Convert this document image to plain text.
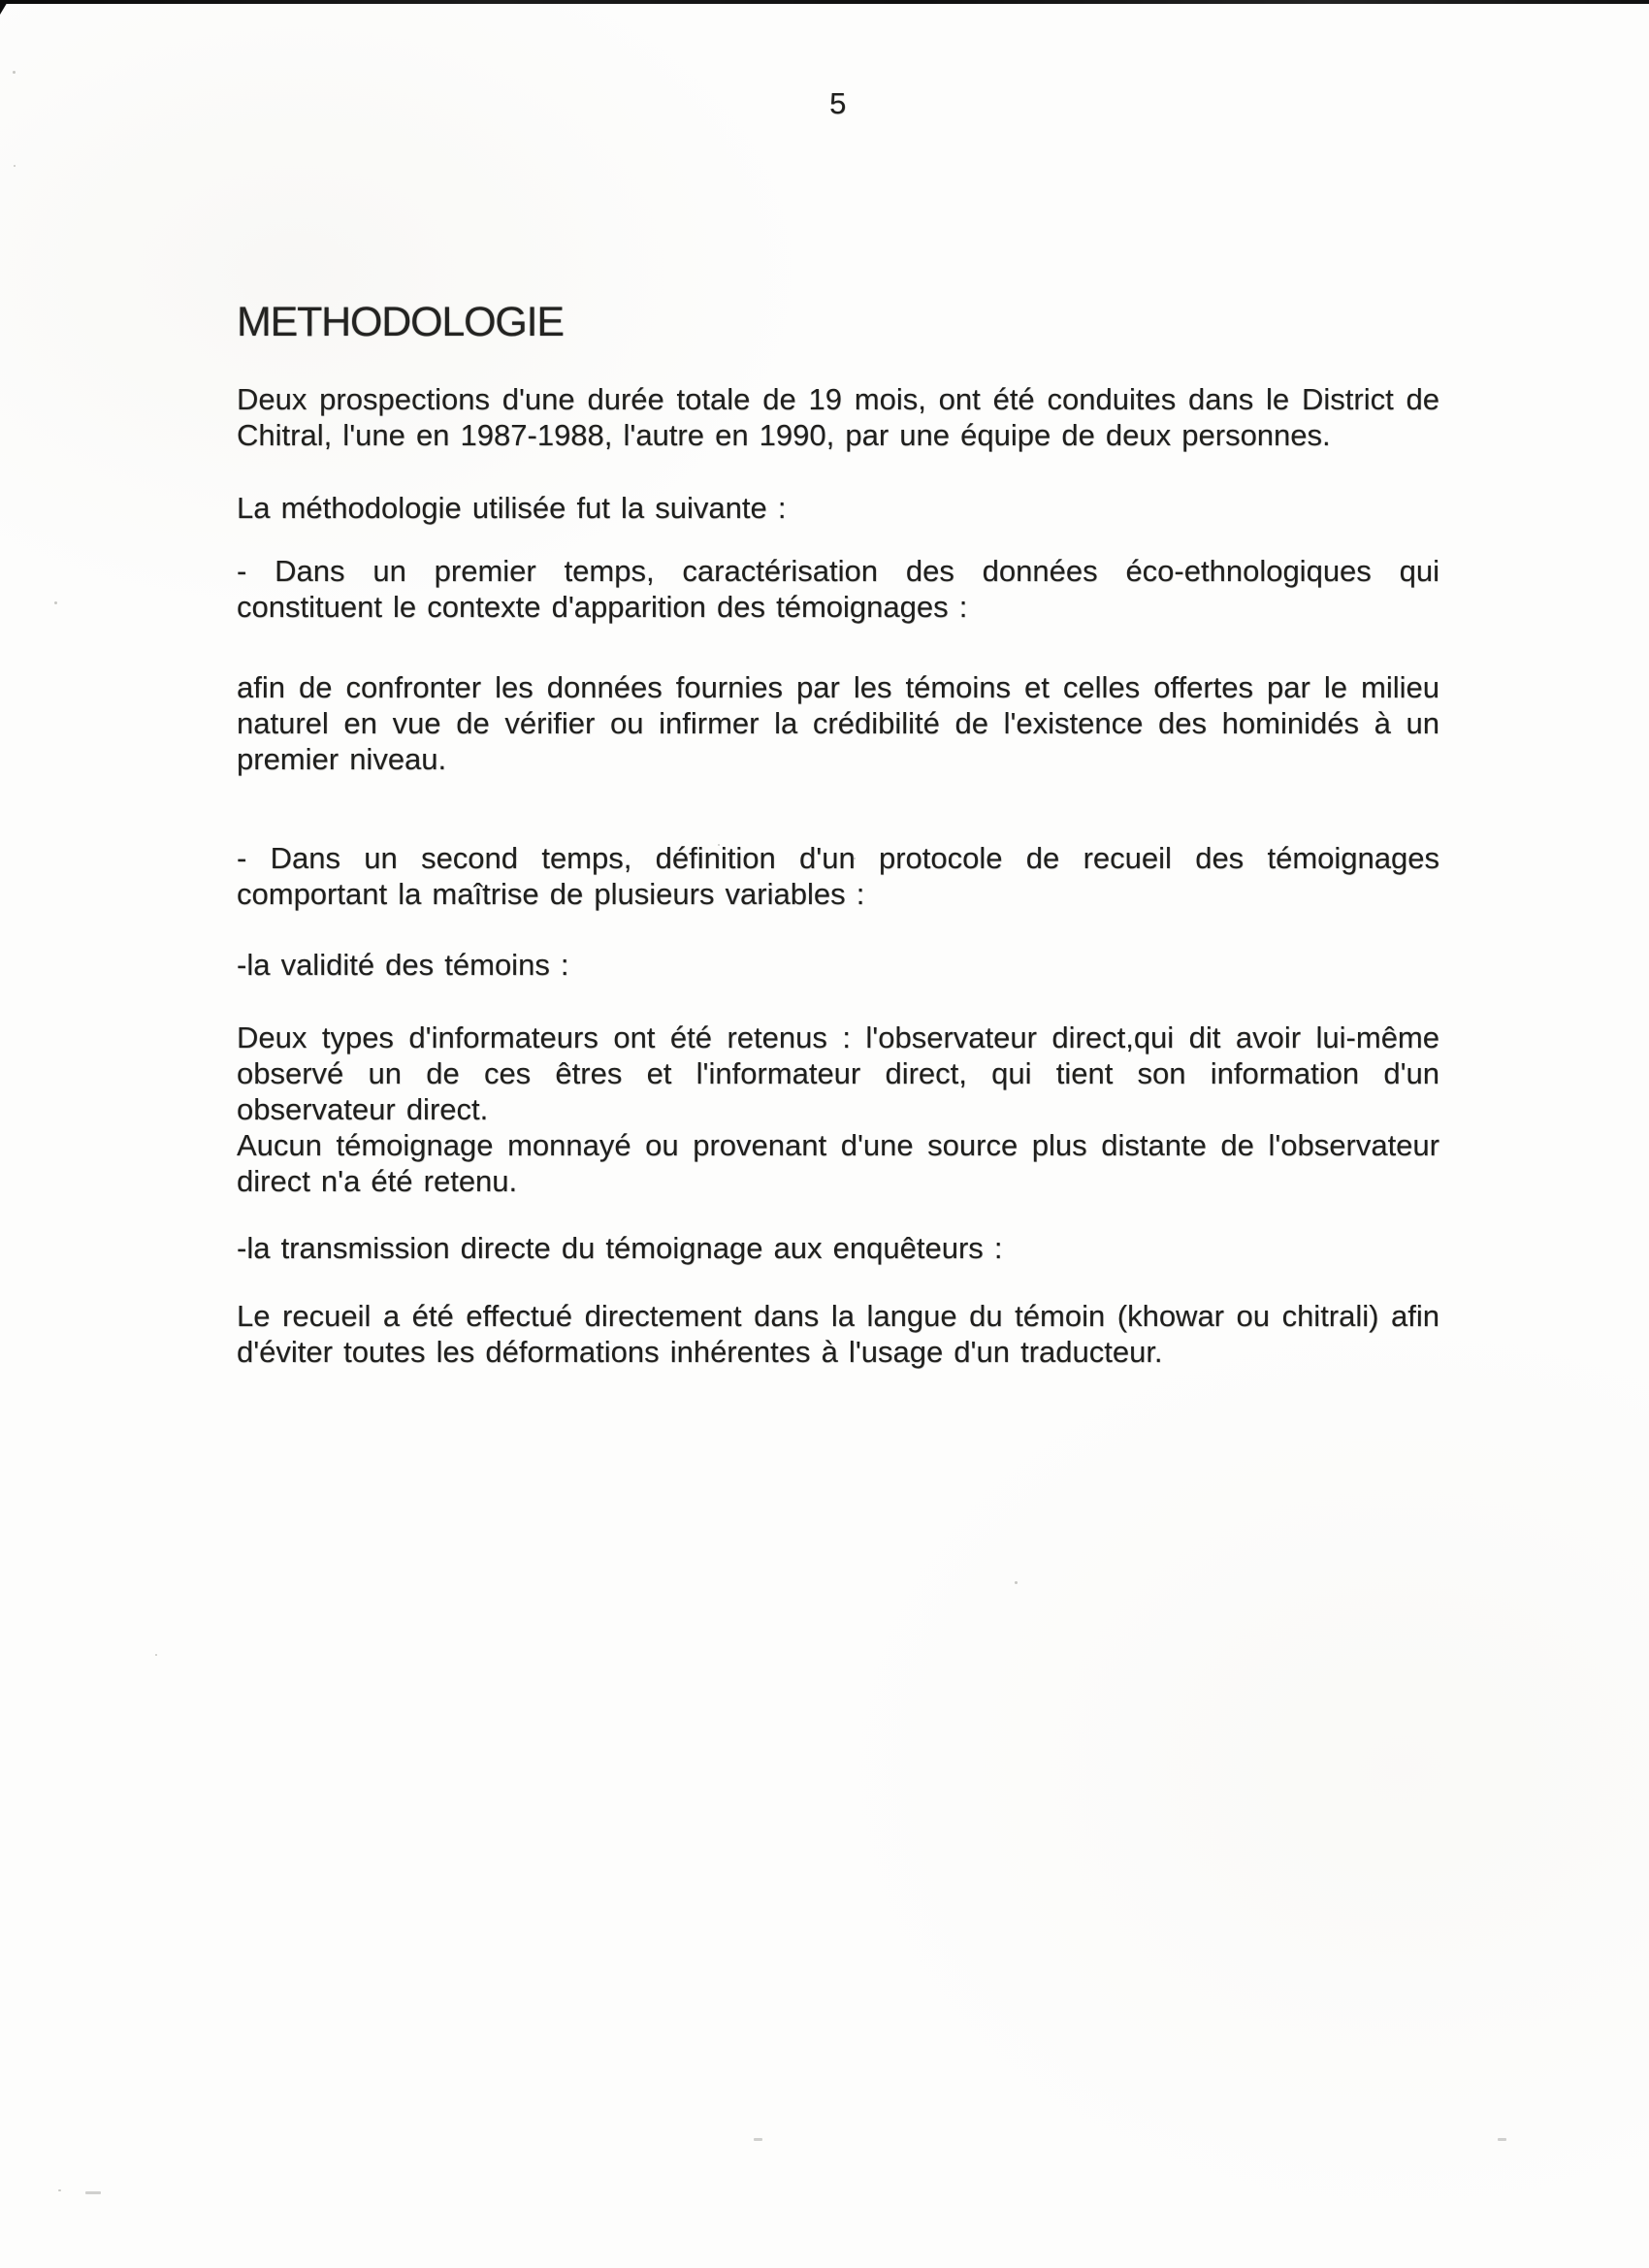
5
METHODOLOGIE

Deux prospections d'une durée totale de 19 mois, ont été conduites dans le District de Chitral, l'une en 1987-1988, l'autre en 1990, par une équipe de deux personnes.

La méthodologie utilisée fut la suivante :

- Dans un premier temps, caractérisation des données éco-ethnologiques qui constituent le contexte d'apparition des témoignages :

afin de confronter les données fournies par les témoins et celles offertes par le milieu naturel en vue de vérifier ou infirmer la crédibilité de l'existence des hominidés à un premier niveau.

- Dans un second temps, définition d'un protocole de recueil des témoignages comportant la maîtrise de plusieurs variables :

-la validité des témoins :

Deux types d'informateurs ont été retenus : l'observateur direct,qui dit avoir lui-même observé un de ces êtres et l'informateur direct, qui tient son information d'un observateur direct.

Aucun témoignage monnayé ou provenant d'une source plus distante de l'observateur direct n'a été retenu.

-la transmission directe du témoignage aux enquêteurs :

Le recueil a été effectué directement dans la langue du témoin (khowar ou chitrali) afin d'éviter toutes les déformations inhérentes à l'usage d'un traducteur.
